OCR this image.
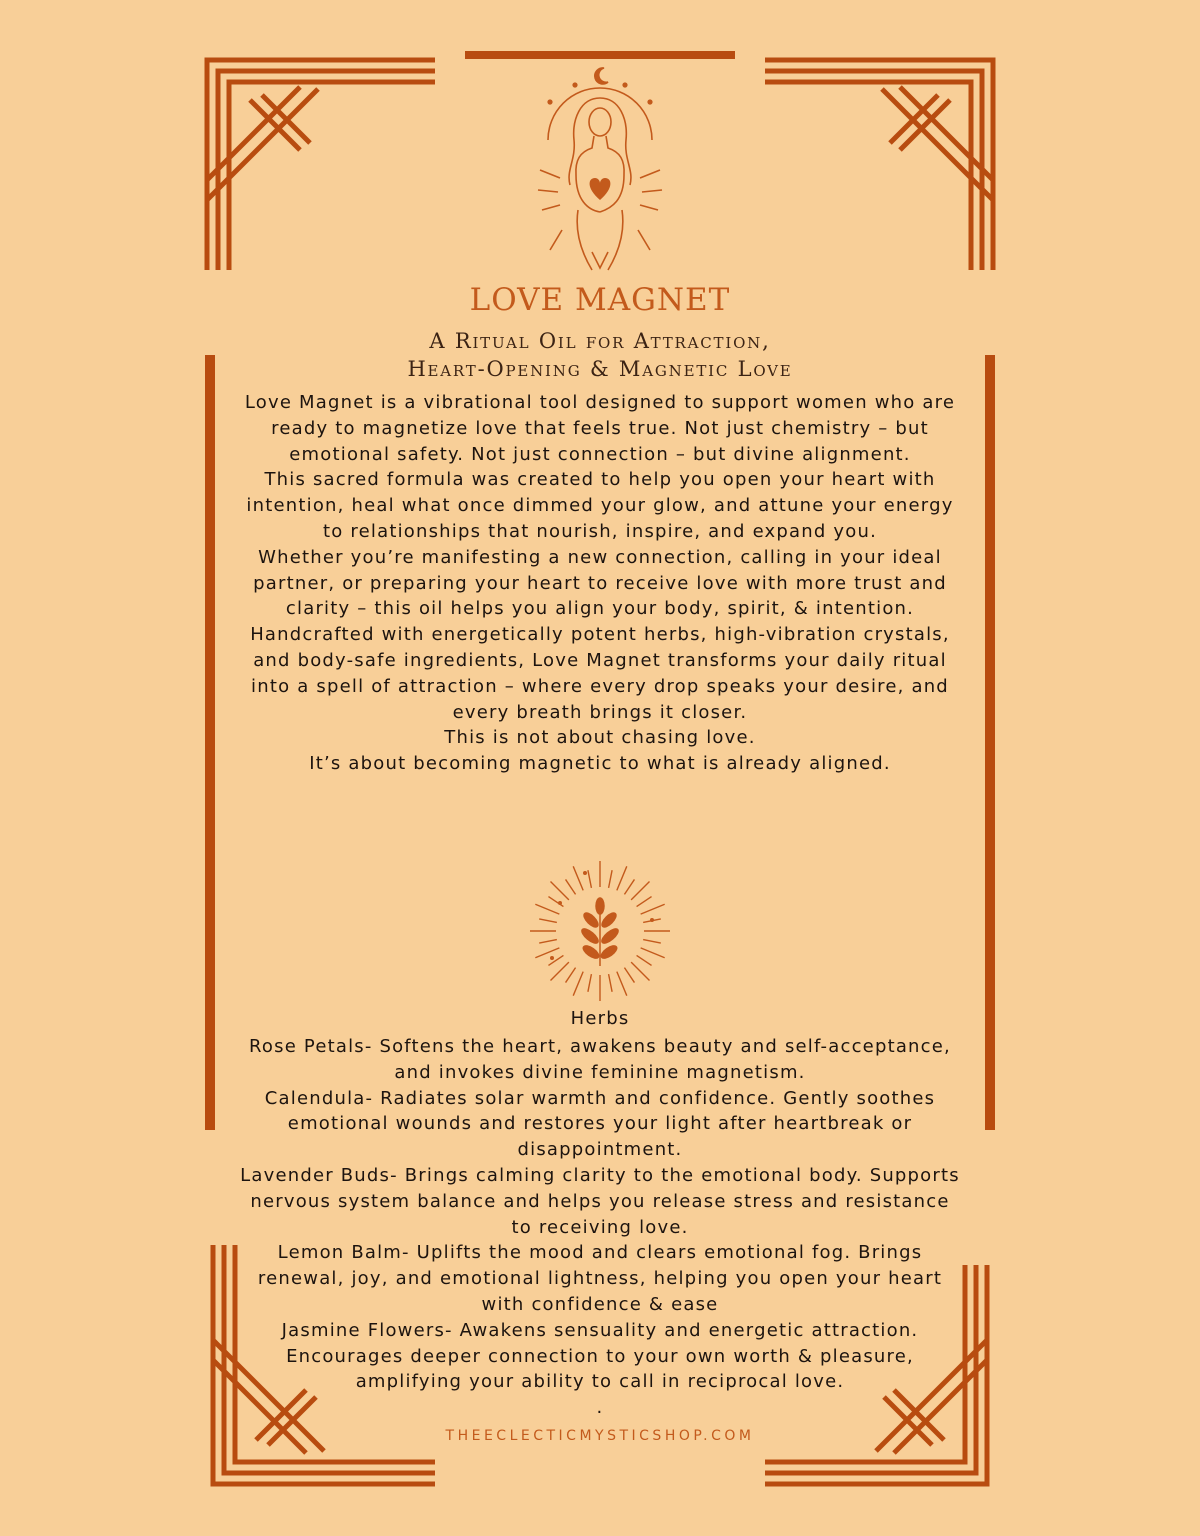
LOVE MAGNET
A Ritual Oil for Attraction,
Heart-Opening & Magnetic Love

Love Magnet is a vibrational tool designed to support women who are ready to magnetize love that feels true. Not just chemistry – but emotional safety. Not just connection – but divine alignment.

This sacred formula was created to help you open your heart with intention, heal what once dimmed your glow, and attune your energy to relationships that nourish, inspire, and expand you.

Whether you’re manifesting a new connection, calling in your ideal partner, or preparing your heart to receive love with more trust and clarity – this oil helps you align your body, spirit, & intention.

Handcrafted with energetically potent herbs, high-vibration crystals, and body-safe ingredients, Love Magnet transforms your daily ritual into a spell of attraction – where every drop speaks your desire, and every breath brings it closer.

This is not about chasing love.

It’s about becoming magnetic to what is already aligned.

Herbs

Rose Petals- Softens the heart, awakens beauty and self-acceptance, and invokes divine feminine magnetism.

Calendula- Radiates solar warmth and confidence. Gently soothes emotional wounds and restores your light after heartbreak or disappointment.

Lavender Buds- Brings calming clarity to the emotional body. Supports nervous system balance and helps you release stress and resistance to receiving love.

Lemon Balm- Uplifts the mood and clears emotional fog. Brings renewal, joy, and emotional lightness, helping you open your heart with confidence & ease

Jasmine Flowers- Awakens sensuality and energetic attraction. Encourages deeper connection to your own worth & pleasure, amplifying your ability to call in reciprocal love.

.

THEECLECTICMYSTICSHOP.COM
